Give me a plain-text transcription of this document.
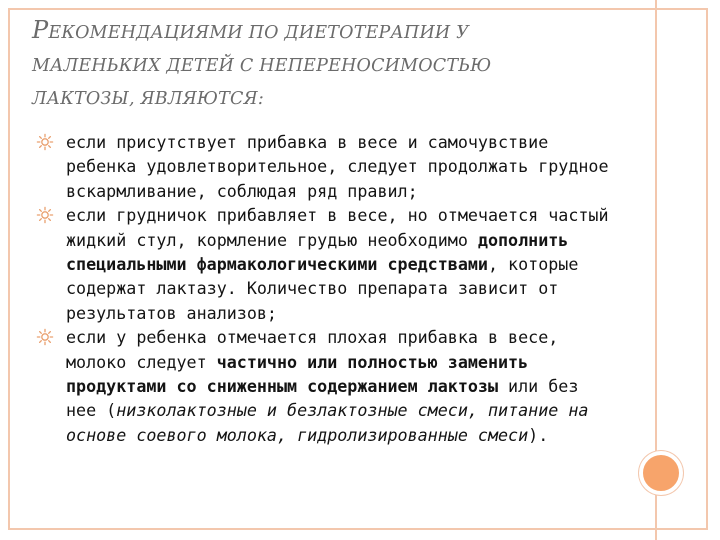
РЕКОМЕНДАЦИЯМИ ПО ДИЕТОТЕРАПИИ У
МАЛЕНЬКИХ ДЕТЕЙ С НЕПЕРЕНОСИМОСТЬЮ
ЛАКТОЗЫ, ЯВЛЯЮТСЯ:
если присутствует прибавка в весе и самочувствие ребенка удовлетворительное, следует продолжать грудное вскармливание, соблюдая ряд правил;
если грудничок прибавляет в весе, но отмечается частый жидкий стул, кормление грудью необходимо дополнить специальными фармакологическими средствами, которые содержат лактазу. Количество препарата зависит от результатов анализов;
если у ребенка отмечается плохая прибавка в весе, молоко следует частично или полностью заменить продуктами со сниженным содержанием лактозы или без нее (низколактозные и безлактозные смеси, питание на основе соевого молока, гидролизированные смеси).
